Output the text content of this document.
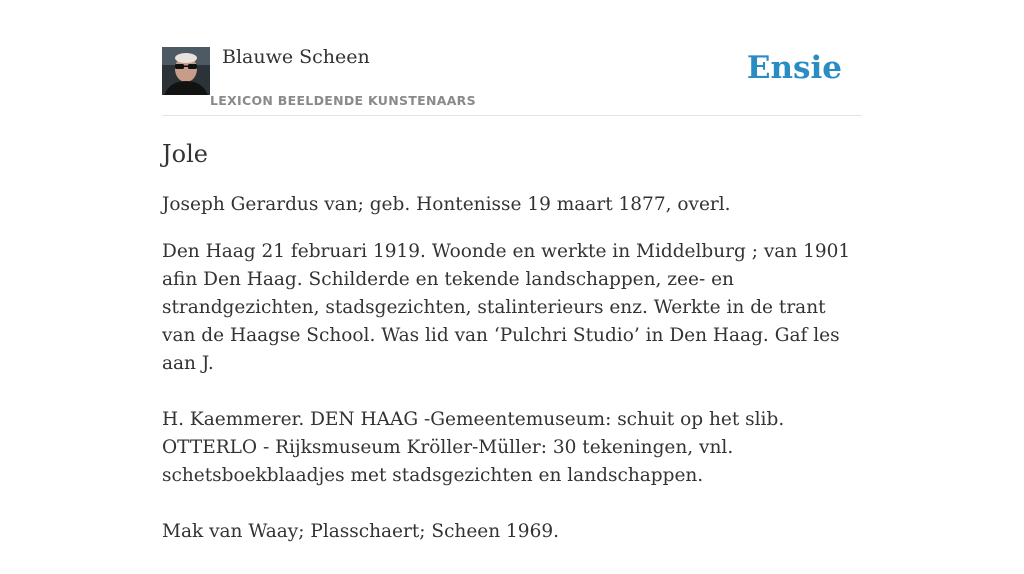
Blauwe Scheen
LEXICON BEELDENDE KUNSTENAARS
Ensie
Jole
Joseph Gerardus van; geb. Hontenisse 19 maart 1877, overl.

Den Haag 21 februari 1919. Woonde en werkte in Middelburg ; van 1901 afin Den Haag. Schilderde en tekende landschappen, zee- en strandgezichten, stadsgezichten, stalinterieurs enz. Werkte in de trant van de Haagse School. Was lid van ‘Pulchri Studio’ in Den Haag. Gaf les aan J.

H. Kaemmerer. DEN HAAG -Gemeentemuseum: schuit op het slib. OTTERLO - Rijksmuseum Kröller-Müller: 30 tekeningen, vnl. schetsboekblaadjes met stadsgezichten en landschappen.

Mak van Waay; Plasschaert; Scheen 1969.
